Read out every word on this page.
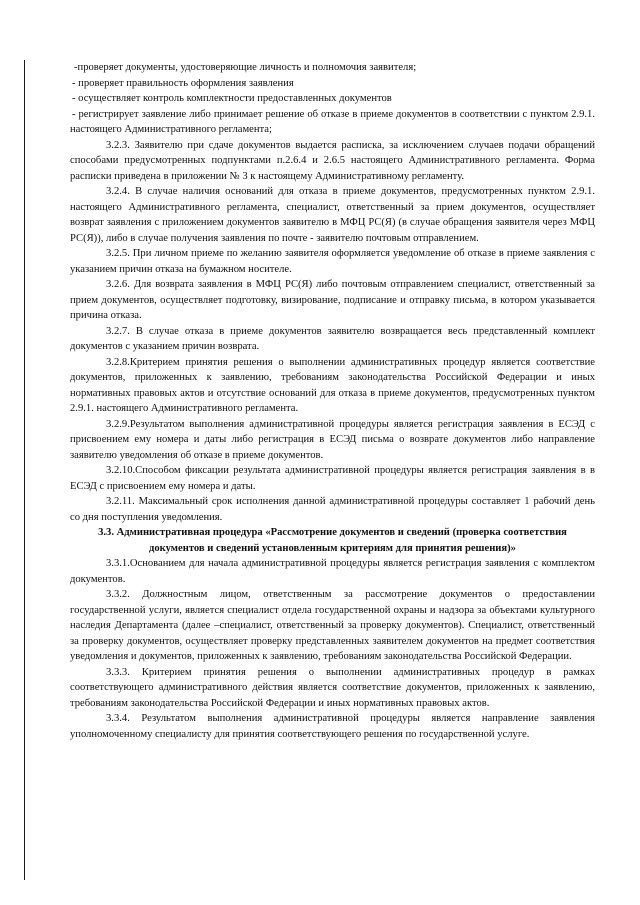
-проверяет документы, удостоверяющие личность и полномочия заявителя;

- проверяет правильность оформления заявления

- осуществляет контроль комплектности предоставленных документов

- регистрирует заявление либо принимает решение об отказе в приеме документов в соответствии с пунктом 2.9.1. настоящего Административного регламента;

3.2.3. Заявителю при сдаче документов выдается расписка, за исключением случаев подачи обращений способами предусмотренных подпунктами п.2.6.4 и 2.6.5 настоящего Административного регламента. Форма расписки приведена в приложении № 3 к настоящему Административному регламенту.

3.2.4. В случае наличия оснований для отказа в приеме документов, предусмотренных пунктом 2.9.1. настоящего Административного регламента, специалист, ответственный за прием документов, осуществляет возврат заявления с приложением документов заявителю в МФЦ РС(Я) (в случае обращения заявителя через МФЦ РС(Я)), либо в случае получения заявления по почте - заявителю почтовым отправлением.

3.2.5. При личном приеме по желанию заявителя оформляется уведомление об отказе в приеме заявления с указанием причин отказа на бумажном носителе.

3.2.6. Для возврата заявления в МФЦ РС(Я) либо почтовым отправлением специалист, ответственный за прием документов, осуществляет подготовку, визирование, подписание и отправку письма, в котором указывается причина отказа.

3.2.7. В случае отказа в приеме документов заявителю возвращается весь представленный комплект документов с указанием причин возврата.

3.2.8.Критерием принятия решения о выполнении административных процедур является соответствие документов, приложенных к заявлению, требованиям законодательства Российской Федерации и иных нормативных правовых актов и отсутствие оснований для отказа в приеме документов, предусмотренных пунктом 2.9.1. настоящего Административного регламента.

3.2.9.Результатом выполнения административной процедуры является регистрация заявления в ЕСЭД с присвоением ему номера и даты либо регистрация в ЕСЭД письма о возврате документов либо направление заявителю уведомления об отказе в приеме документов.

3.2.10.Способом фиксации результата административной процедуры является регистрация заявления в в ЕСЭД с присвоением ему номера и даты.

3.2.11. Максимальный срок исполнения данной административной процедуры составляет 1 рабочий день со дня поступления уведомления.

3.3. Административная процедура «Рассмотрение документов и сведений (проверка соответствия документов и сведений установленным критериям для принятия решения)»

3.3.1.Основанием для начала административной процедуры является регистрация заявления с комплектом документов.

3.3.2. Должностным лицом, ответственным за рассмотрение документов о предоставлении государственной услуги, является специалист отдела государственной охраны и надзора за объектами культурного наследия Департамента (далее –специалист, ответственный за проверку документов). Специалист, ответственный за проверку документов, осуществляет проверку представленных заявителем документов на предмет соответствия уведомления и документов, приложенных к заявлению, требованиям законодательства Российской Федерации.

3.3.3. Критерием принятия решения о выполнении административных процедур в рамках соответствующего административного действия является соответствие документов, приложенных к заявлению, требованиям законодательства Российской Федерации и иных нормативных правовых актов.

3.3.4. Результатом выполнения административной процедуры является направление заявления уполномоченному специалисту для принятия соответствующего решения по государственной услуге.
